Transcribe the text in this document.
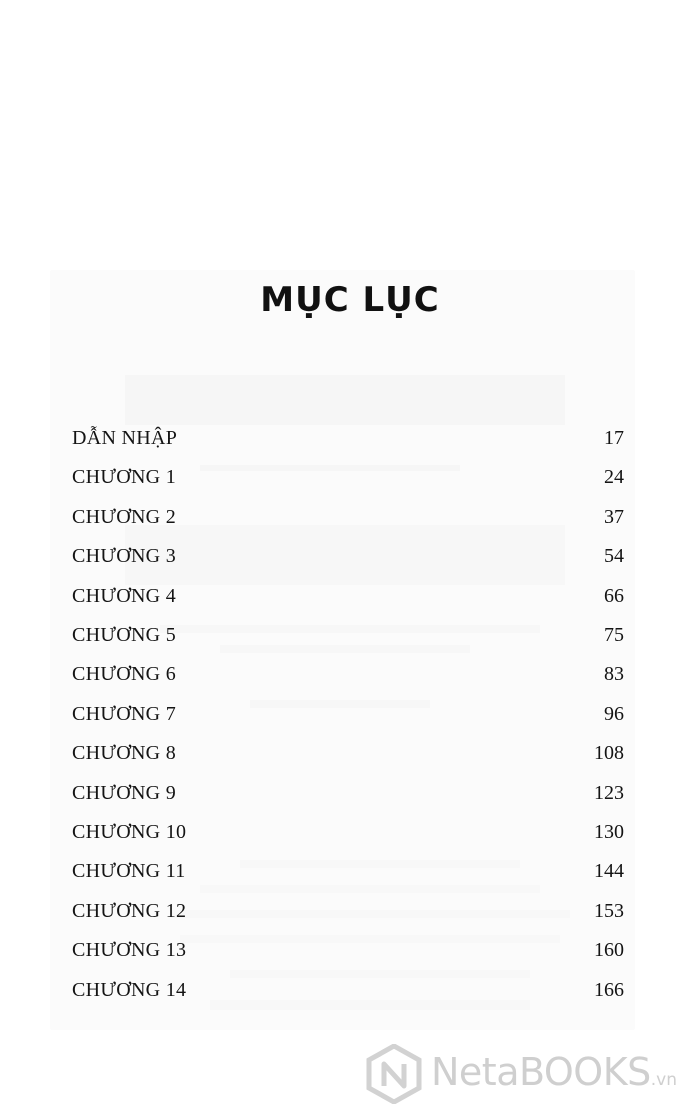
MỤC LỤC
DẪN NHẬP	17
CHƯƠNG 1	24
CHƯƠNG 2	37
CHƯƠNG 3	54
CHƯƠNG 4	66
CHƯƠNG 5	75
CHƯƠNG 6	83
CHƯƠNG 7	96
CHƯƠNG 8	108
CHƯƠNG 9	123
CHƯƠNG 10	130
CHƯƠNG 11	144
CHƯƠNG 12	153
CHƯƠNG 13	160
CHƯƠNG 14	166
NetaBOOKS.vn
